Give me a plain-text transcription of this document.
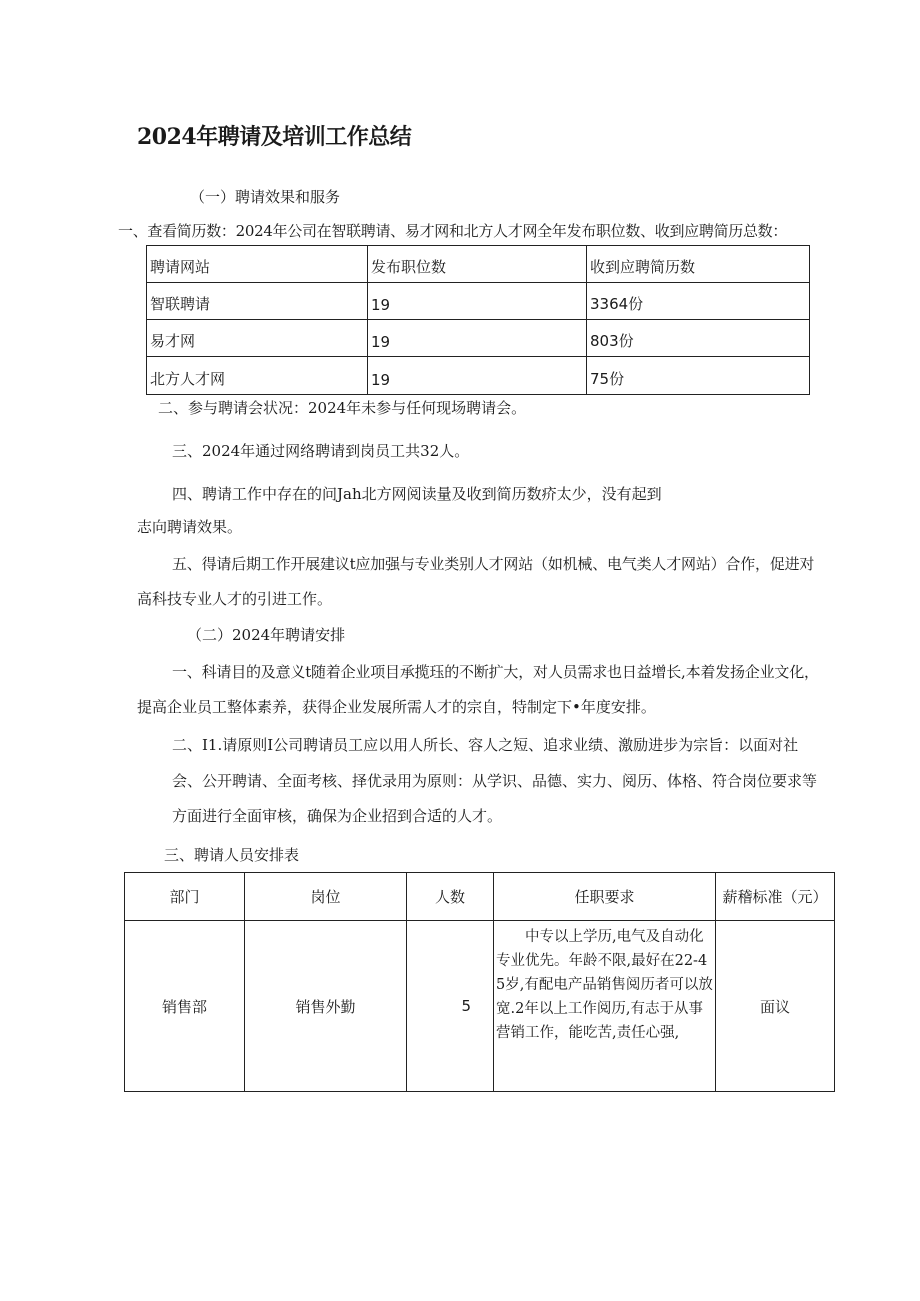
2024年聘请及培训工作总结
（一）聘请效果和服务
一、查看简历数：2024年公司在智联聘请、易才网和北方人才网全年发布职位数、收到应聘简历总数：
聘请网站	发布职位数	收到应聘简历数
智联聘请	19	3364份
易才网	19	803份
北方人才网	19	75份
二、参与聘请会状况：2024年未参与任何现场聘请会。
三、2024年通过网络聘请到岗员工共32人。
四、聘请工作中存在的问Jah北方网阅读量及收到简历数疥太少，没有起到
志向聘请效果。
五、得请后期工作开展建议t应加强与专业类别人才网站（如机械、电气类人才网站）合作，促进对
高科技专业人才的引进工作。
（二）2024年聘请安排
一、科请目的及意义t随着企业项目承揽珏的不断扩大，对人员需求也日益增长,本着发扬企业文化，
提高企业员工整体素养，获得企业发展所需人才的宗自，特制定下•年度安排。
二、I1.请原则I公司聘请员工应以用人所长、容人之短、追求业绩、激励进步为宗旨：以面对社
会、公开聘请、全面考核、择优录用为原则：从学识、品德、实力、阅历、体格、符合岗位要求等
方面进行全面审核，确保为企业招到合适的人才。
三、聘请人员安排表
部门	岗位	人数	任职要求	薪稽标准（元）
销售部	销售外勤	5	　　中专以上学历,电气及自动化专业优先。年龄不限,最好在22-45岁,有配电产品销售阅历者可以放宽.2年以上工作阅历,有志于从事营销工作，能吃苦,责任心强,	面议
